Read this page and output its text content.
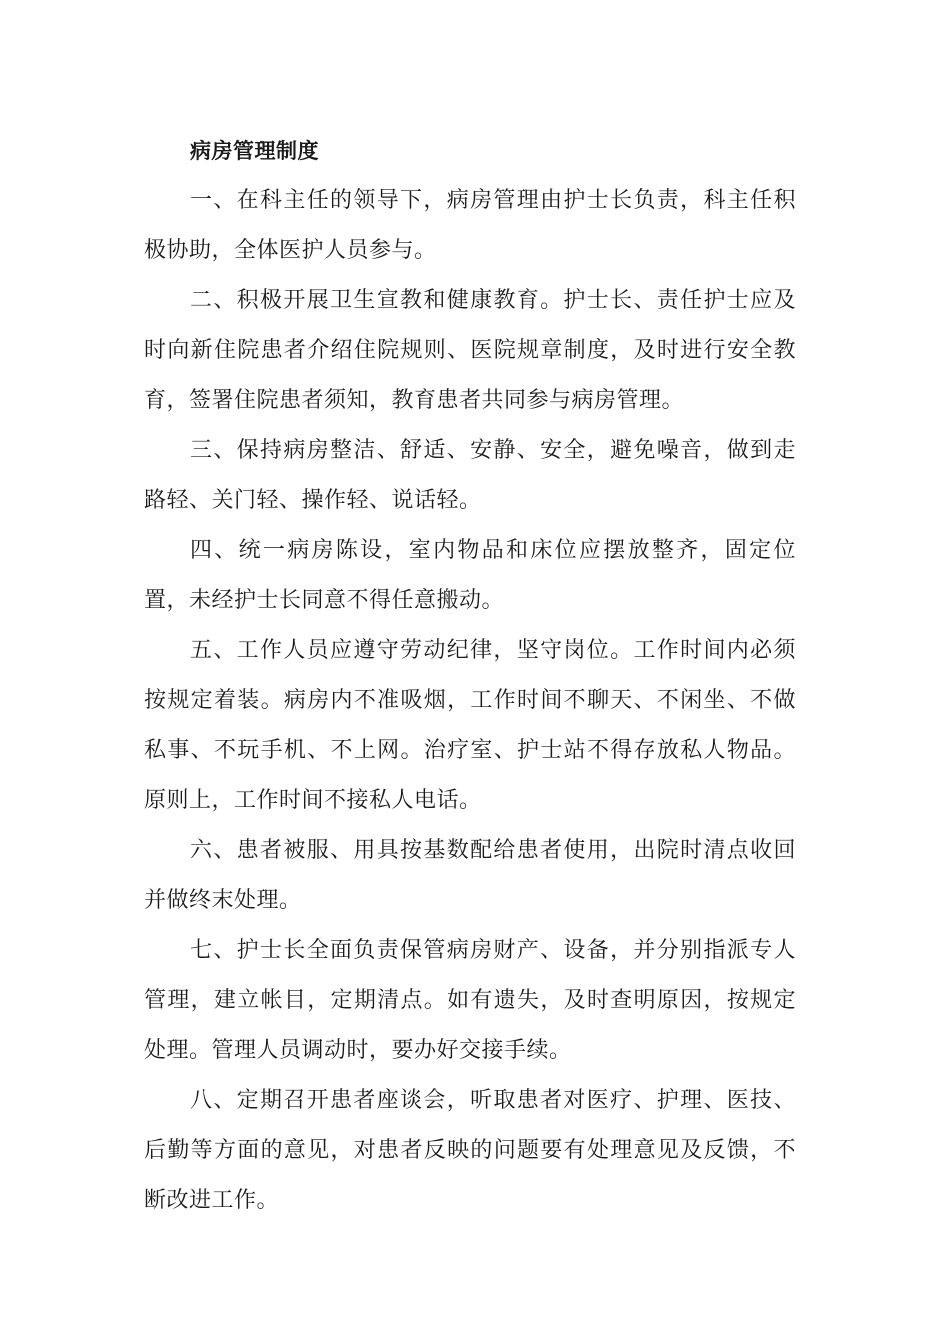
病房管理制度

一、在科主任的领导下，病房管理由护士长负责，科主任积极协助，全体医护人员参与。

二、积极开展卫生宣教和健康教育。护士长、责任护士应及时向新住院患者介绍住院规则、医院规章制度，及时进行安全教育，签署住院患者须知，教育患者共同参与病房管理。

三、保持病房整洁、舒适、安静、安全，避免噪音，做到走路轻、关门轻、操作轻、说话轻。

四、统一病房陈设，室内物品和床位应摆放整齐，固定位置，未经护士长同意不得任意搬动。

五、工作人员应遵守劳动纪律，坚守岗位。工作时间内必须按规定着装。病房内不准吸烟，工作时间不聊天、不闲坐、不做私事、不玩手机、不上网。治疗室、护士站不得存放私人物品。原则上，工作时间不接私人电话。

六、患者被服、用具按基数配给患者使用，出院时清点收回并做终末处理。

七、护士长全面负责保管病房财产、设备，并分别指派专人管理，建立帐目，定期清点。如有遗失，及时查明原因，按规定处理。管理人员调动时，要办好交接手续。

八、定期召开患者座谈会，听取患者对医疗、护理、医技、后勤等方面的意见，对患者反映的问题要有处理意见及反馈，不断改进工作。
